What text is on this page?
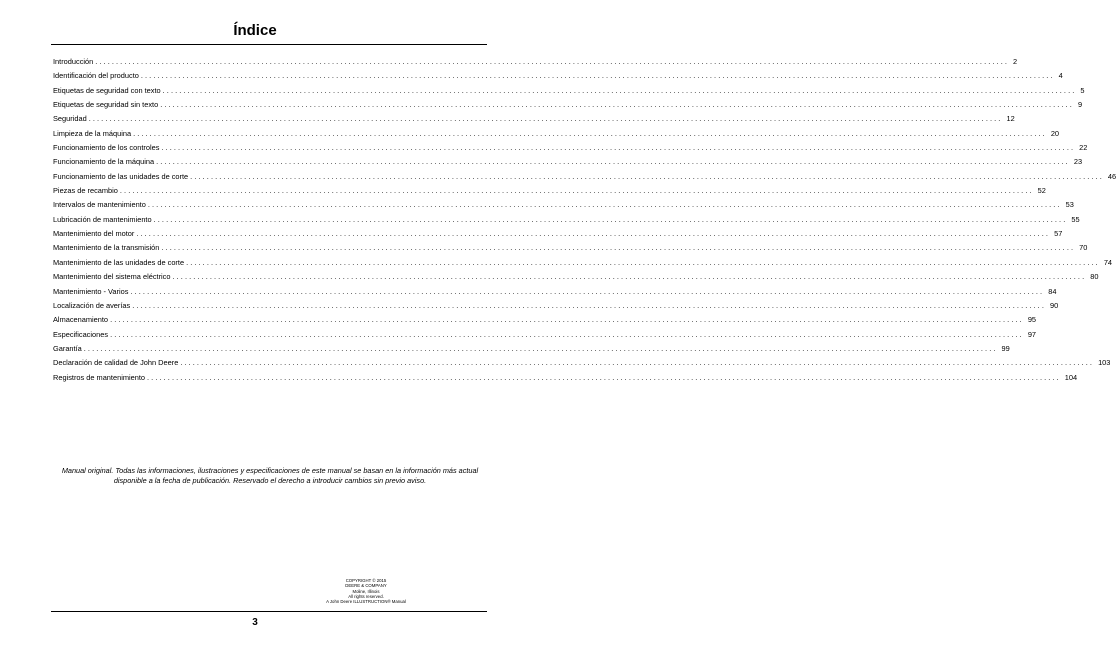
Índice
Introducción ............................................................................................................................................................................................................................ 2
Identificación del producto ............................................................................................................................................................................................................................ 4
Etiquetas de seguridad con texto ............................................................................................................................................................................................................................ 5
Etiquetas de seguridad sin texto ............................................................................................................................................................................................................................ 9
Seguridad ............................................................................................................................................................................................................................ 12
Limpieza de la máquina ............................................................................................................................................................................................................................ 20
Funcionamiento de los controles ............................................................................................................................................................................................................................ 22
Funcionamiento de la máquina ............................................................................................................................................................................................................................ 23
Funcionamiento de las unidades de corte ............................................................................................................................................................................................................................ 46
Piezas de recambio ............................................................................................................................................................................................................................ 52
Intervalos de mantenimiento ............................................................................................................................................................................................................................ 53
Lubricación de mantenimiento ............................................................................................................................................................................................................................ 55
Mantenimiento del motor ............................................................................................................................................................................................................................ 57
Mantenimiento de la transmisión ............................................................................................................................................................................................................................ 70
Mantenimiento de las unidades de corte ............................................................................................................................................................................................................................ 74
Mantenimiento del sistema eléctrico ............................................................................................................................................................................................................................ 80
Mantenimiento - Varios ............................................................................................................................................................................................................................ 84
Localización de averías ............................................................................................................................................................................................................................ 90
Almacenamiento ............................................................................................................................................................................................................................ 95
Especificaciones ............................................................................................................................................................................................................................ 97
Garantía ............................................................................................................................................................................................................................ 99
Declaración de calidad de John Deere ............................................................................................................................................................................................................................ 103
Registros de mantenimiento ............................................................................................................................................................................................................................ 104
Manual original. Todas las informaciones, ilustraciones y especificaciones de este manual se basan en la información más actual disponible a la fecha de publicación. Reservado el derecho a introducir cambios sin previo aviso.
COPYRIGHT © 2015
DEERE & COMPANY
Moline, Illinois
All rights reserved.
A John Deere ILLUSTRUCTION® Manual
3
